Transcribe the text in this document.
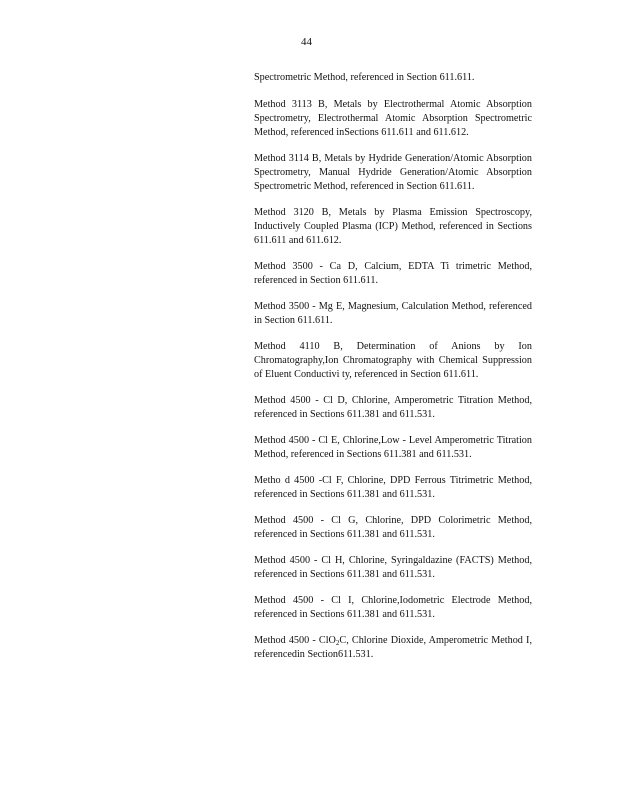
44

Spectrometric Method, referenced in Section 611.611.

Method 3113 B, Metals by Electrothermal Atomic Absorption Spectrometry, Electrothermal Atomic Absorption Spectrometric Method, referenced inSections 611.611 and 611.612.

Method 3114 B, Metals by Hydride Generation/Atomic Absorption Spectrometry, Manual Hydride Generation/Atomic Absorption Spectrometric Method, referenced in Section 611.611.

Method 3120 B, Metals by Plasma Emission Spectroscopy, Inductively Coupled Plasma (ICP) Method, referenced in Sections 611.611 and 611.612.

Method 3500 - Ca D, Calcium, EDTA Ti trimetric Method, referenced in Section 611.611.

Method 3500 - Mg E, Magnesium, Calculation Method, referenced in Section 611.611.

Method 4110 B, Determination of Anions by Ion Chromatography,Ion Chromatography with Chemical Suppression of Eluent Conductivi ty, referenced in Section 611.611.

Method 4500 - Cl D, Chlorine, Amperometric Titration Method, referenced in Sections 611.381 and 611.531.

Method 4500 - Cl E, Chlorine,Low - Level Amperometric Titration Method, referenced in Sections 611.381 and 611.531.

Metho d 4500 -Cl F, Chlorine, DPD Ferrous Titrimetric Method, referenced in Sections 611.381 and 611.531.

Method 4500 - Cl G, Chlorine, DPD Colorimetric Method, referenced in Sections 611.381 and 611.531.

Method 4500 - Cl H, Chlorine, Syringaldazine (FACTS) Method, referenced in Sections 611.381 and 611.531.

Method 4500 - Cl I, Chlorine,Iodometric Electrode Method, referenced in Sections 611.381 and 611.531.

Method 4500 - ClO$_2$C, Chlorine Dioxide, Amperometric Method I, referencedin Section611.531.
